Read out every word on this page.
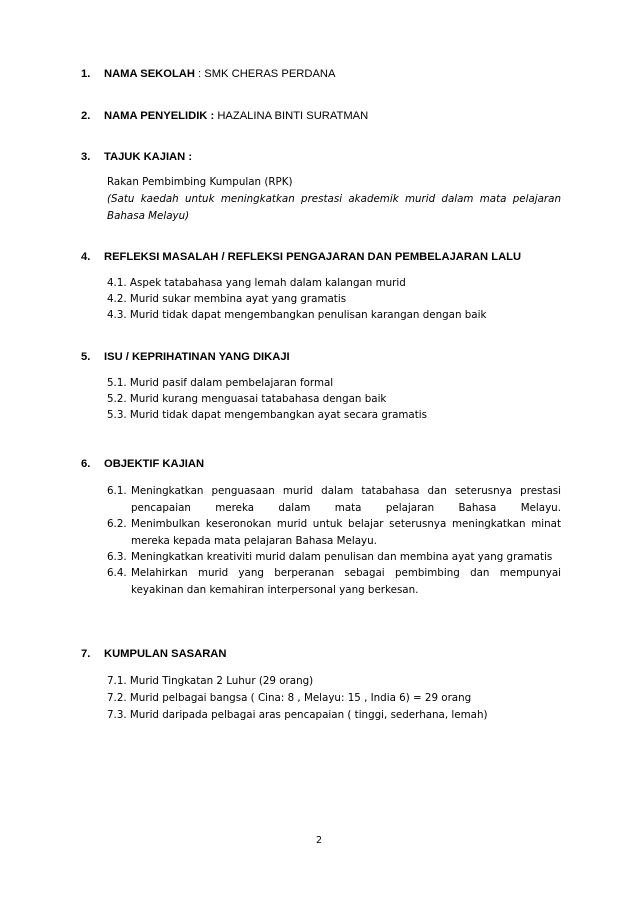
1. NAMA SEKOLAH : SMK CHERAS PERDANA
2. NAMA PENYELIDIK : HAZALINA BINTI SURATMAN
3. TAJUK KAJIAN :
Rakan Pembimbing Kumpulan (RPK)
(Satu kaedah untuk meningkatkan prestasi akademik murid dalam mata pelajaran Bahasa Melayu)
4. REFLEKSI MASALAH / REFLEKSI PENGAJARAN DAN PEMBELAJARAN LALU
4.1. Aspek tatabahasa yang lemah dalam kalangan murid
4.2. Murid sukar membina ayat yang gramatis
4.3. Murid tidak dapat mengembangkan penulisan karangan dengan baik
5. ISU / KEPRIHATINAN YANG DIKAJI
5.1. Murid pasif dalam pembelajaran formal
5.2. Murid kurang menguasai tatabahasa dengan baik
5.3. Murid tidak dapat mengembangkan ayat secara gramatis
6. OBJEKTIF KAJIAN
6.1. Meningkatkan penguasaan murid dalam tatabahasa dan seterusnya prestasi pencapaian mereka dalam mata pelajaran Bahasa Melayu.
6.2. Menimbulkan keseronokan murid untuk belajar seterusnya meningkatkan minat mereka kepada mata pelajaran Bahasa Melayu.
6.3. Meningkatkan kreativiti murid dalam penulisan dan membina ayat yang gramatis
6.4. Melahirkan murid yang berperanan sebagai pembimbing dan mempunyai keyakinan dan kemahiran interpersonal yang berkesan.
7. KUMPULAN SASARAN
7.1. Murid Tingkatan 2 Luhur (29 orang)
7.2. Murid pelbagai bangsa ( Cina: 8 , Melayu: 15 , India 6) = 29 orang
7.3. Murid daripada pelbagai aras pencapaian ( tinggi, sederhana, lemah)
2
